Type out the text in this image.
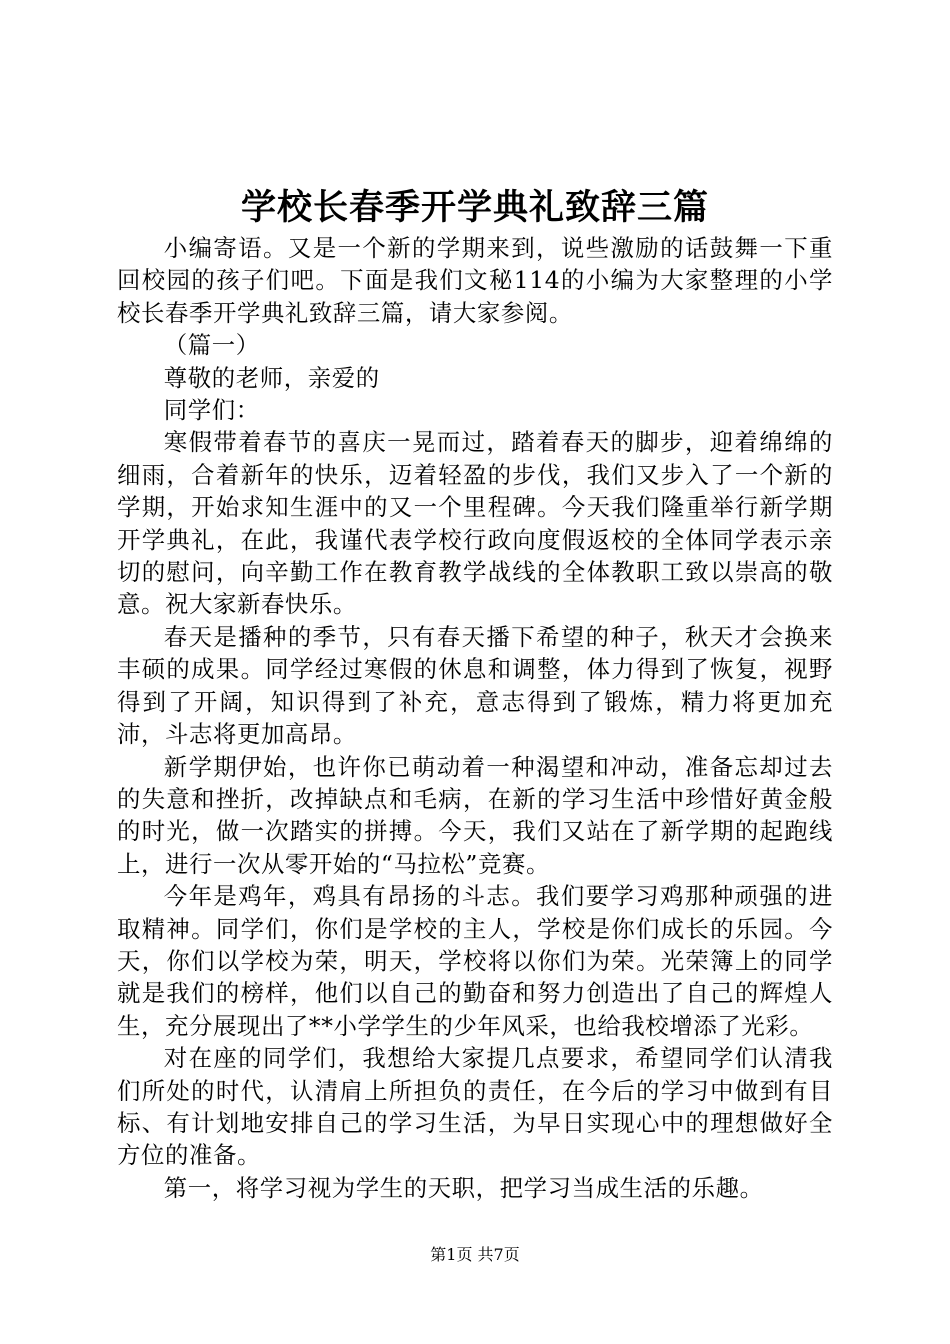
学校长春季开学典礼致辞三篇

小编寄语。又是一个新的学期来到，说些激励的话鼓舞一下重回校园的孩子们吧。下面是我们文秘114的小编为大家整理的小学校长春季开学典礼致辞三篇，请大家参阅。

（篇一）

尊敬的老师，亲爱的

同学们：

寒假带着春节的喜庆一晃而过，踏着春天的脚步，迎着绵绵的细雨，合着新年的快乐，迈着轻盈的步伐，我们又步入了一个新的学期，开始求知生涯中的又一个里程碑。今天我们隆重举行新学期开学典礼，在此，我谨代表学校行政向度假返校的全体同学表示亲切的慰问，向辛勤工作在教育教学战线的全体教职工致以崇高的敬意。祝大家新春快乐。

春天是播种的季节，只有春天播下希望的种子，秋天才会换来丰硕的成果。同学经过寒假的休息和调整，体力得到了恢复，视野得到了开阔，知识得到了补充，意志得到了锻炼，精力将更加充沛，斗志将更加高昂。

新学期伊始，也许你已萌动着一种渴望和冲动，准备忘却过去的失意和挫折，改掉缺点和毛病，在新的学习生活中珍惜好黄金般的时光，做一次踏实的拼搏。今天，我们又站在了新学期的起跑线上，进行一次从零开始的“马拉松”竞赛。

今年是鸡年，鸡具有昂扬的斗志。我们要学习鸡那种顽强的进取精神。同学们，你们是学校的主人，学校是你们成长的乐园。今天，你们以学校为荣，明天，学校将以你们为荣。光荣簿上的同学就是我们的榜样，他们以自己的勤奋和努力创造出了自己的辉煌人生，充分展现出了**小学学生的少年风采，也给我校增添了光彩。

对在座的同学们，我想给大家提几点要求，希望同学们认清我们所处的时代，认清肩上所担负的责任，在今后的学习中做到有目标、有计划地安排自己的学习生活，为早日实现心中的理想做好全方位的准备。

第一，将学习视为学生的天职，把学习当成生活的乐趣。

第1页 共7页
